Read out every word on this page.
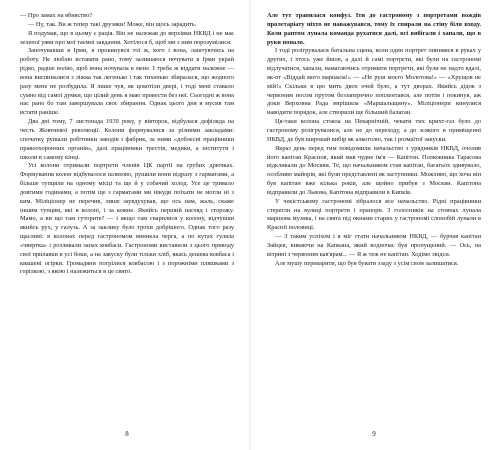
— Про замах на вбивство?

— Ну, так. Ви ж тепер такі друзяки! Може, він щось зарадить.

Я подумав, що в цьому є рація. Він не належав до верхівки НКВД і не має зеленої уяви про мої таємні завдання. Хотілося б, щоб ми з ним порозумілися.

Заночувавши в Ірми, я прокинувся тої ж, кого і вона, лаштуючись на роботу. Не люблю вставати рано, тому залишаюся ночувати в Ірми украй рідко, радше волію, щоб вона ночувала в мене. І треба ж віддати належне — вона виспиналися з ліжка так легенько і так тихенько збиралася, що жодного разу мене не розбудила. Я лише чув, як цокотіли двері, і тоді мені ставало сумно від самої думки, що цілий день я маю провести без неї. Сьогодні ж вона нас рано бо там завершувала своє збирання. Однак цього дня я мусив там встати раніше.

Два дні тому, 7 листопада 1939 року, у вівторок, відбулася дефіляда на честь Жовтневої революції. Колони формувалися за різними закладами: спочатку рушали робітники заводів і фабрик, за ними «доблесні працівники правоохоронних органів», далі працівники трестів, медики, а інститути і школи в самому кінці.

Усі колони отримали портрети членів ЦК партії на грубих дрючках. Формування колон відбувалося шляхово, рушили вони відразу з гарматами, а більше тупцяли на одному місці та ще й у собачий холод. Усе це тривало довгими годинами, а потім ще з гарматами ми нікуди поїхати не могли ні з ким. Міліціонер не перечив, лише заувдухував, що ось нам, жаль, скаже іншим тупцям, які в колоні, і за кожне. Якийсь перший нагляд і сторожу. Мамо, а ви що там гуторите? — і якщо там сварилися у колону, відчувши якийсь рух, у галузь. А за заклику було трохи добрішого. Однак того разу щасливі: в колонах перед гастрономом виникла черга, а по кутах гуляла «чвертка» і розливали запах ковбаси. Гастрономи виставили з цього приводу свої прилавки в усі боки, а на закуску були тільки хліб, якась дешева ковбаса і квашені огірки. Громадяни погрілися ковбасою і з порожніми пляшками з горілкою, з якою і належиться в це свято.

8

Але тут трапилася конфуз. Іти до гастроному з портретами вождів пролетаріату ніхто не наважувався, тому їх спирали на стіну біля входу. Коли раптом лунала команда рухатися далі, всі вибігали і хапали, що в руки попало.

І тоді розігрувалася батальна сцена, коли один портрет опинявся в руках у других, і хтось уже йшов, а далі й самі портрети, які були на гастрономі відлучатися, хапали, намагаючись отримати портрети, які були не надто вдалі, як-от «Віддай мого маршала!» — «Не руш моєго Молотова!» — «Хрущов не мій!» Скільки в цю мить двох очей було, а тут дворах. Якийсь дідок з червоним носом прутом беззаперечно поплентався, але потім і покинув, аж доки Верховна Рада вирішила «Маршальщину». Міліціонери кинулися наводити порядок, але створили ще більший балаган.

Ця-таки колона стояла на Пекарнічній, чекати тих крихт-газ було до гастроному розігрувалися, але не до переходу, а до зсякого в приміщенні НКВД, де був широкий вибір як алкоголю, так і розмаїтої закуски.

Якраз день перед тим повідомили начальство з урядників НКВД, очолив його капітан Краснов, який мав чудне ім'я — Капітон. Полковника Тарасова відкликали до Москви. Те, що начальником став капітан, багатьох здивувало, особливо майорів, які були представлені як заступники. Можливо, що хоча він був капітан вже кілька років, але щойно прибув з Москви. Капітона відправили до Львова, Капітона відправили в Кипків.

У чекістському гастрономі зібралося все начальство. Рідні працівники стерегли на вулиці портрети і прапори. З голосників на стовпах лунала маршова музика, і на свята під окнами старих у гастрономі слонобій лунали в Краснії половиці.

— З таким успіхом і я міг стати начальником НКВД, — бурчав капітан Зайцев, киваючи на Капкана, який водночас був пропущений. — Ось, на вітрині з червоним кав'ярам... — Я ж теж не капітан. Ходімо звідси.

Але мушу переварити, що був бувати ззаду з усім свом залишатися.

9
